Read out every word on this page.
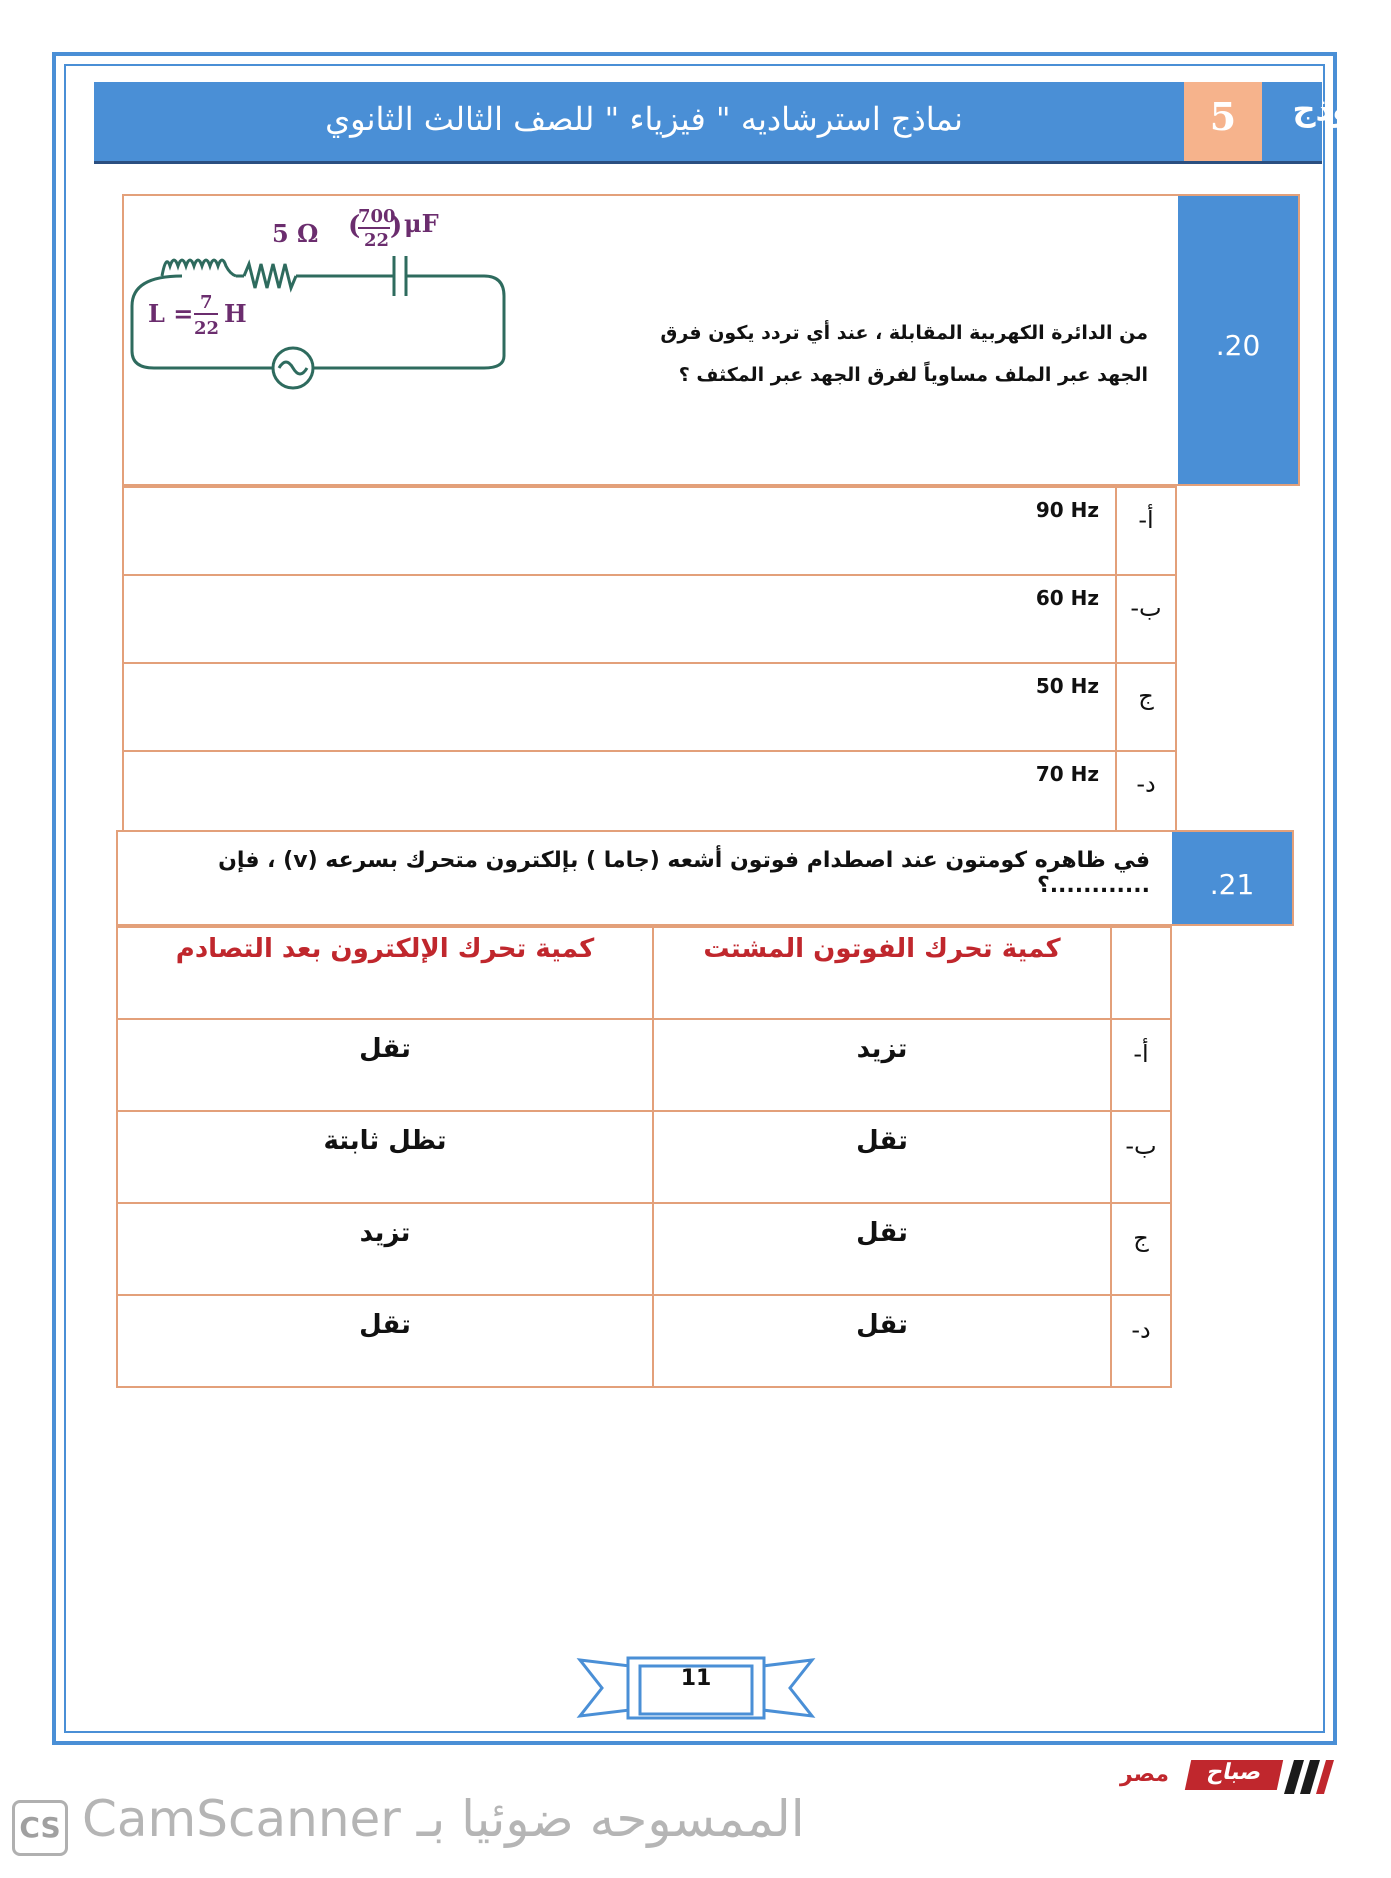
نماذج استرشاديه " فيزياء " للصف الثالث الثانوي	5	نموذج
.20
من الدائرة الكهربية المقابلة ، عند أي تردد يكون فرق الجهد عبر الملف مساوياً لفرق الجهد عبر المكثف ؟
5 Ω (
700
22 ) μF
L = 7
22
H
90 Hz	أ-
60 Hz	ب-
50 Hz	ج
70 Hz	د-
.21
في ظاهره كومتون عند اصطدام فوتون أشعه (جاما ) بإلكترون متحرك بسرعه (v) ، فإن ............؟
كمية تحرك الإلكترون بعد التصادم	كمية تحرك الفوتون المشتت	
تقل	تزيد	أ-
تظل ثابتة	تقل	ب-
تزيد	تقل	ج
تقل	تقل	د-
11
مصر	صباح
CS الممسوحه ضوئيا بـ CamScanner
